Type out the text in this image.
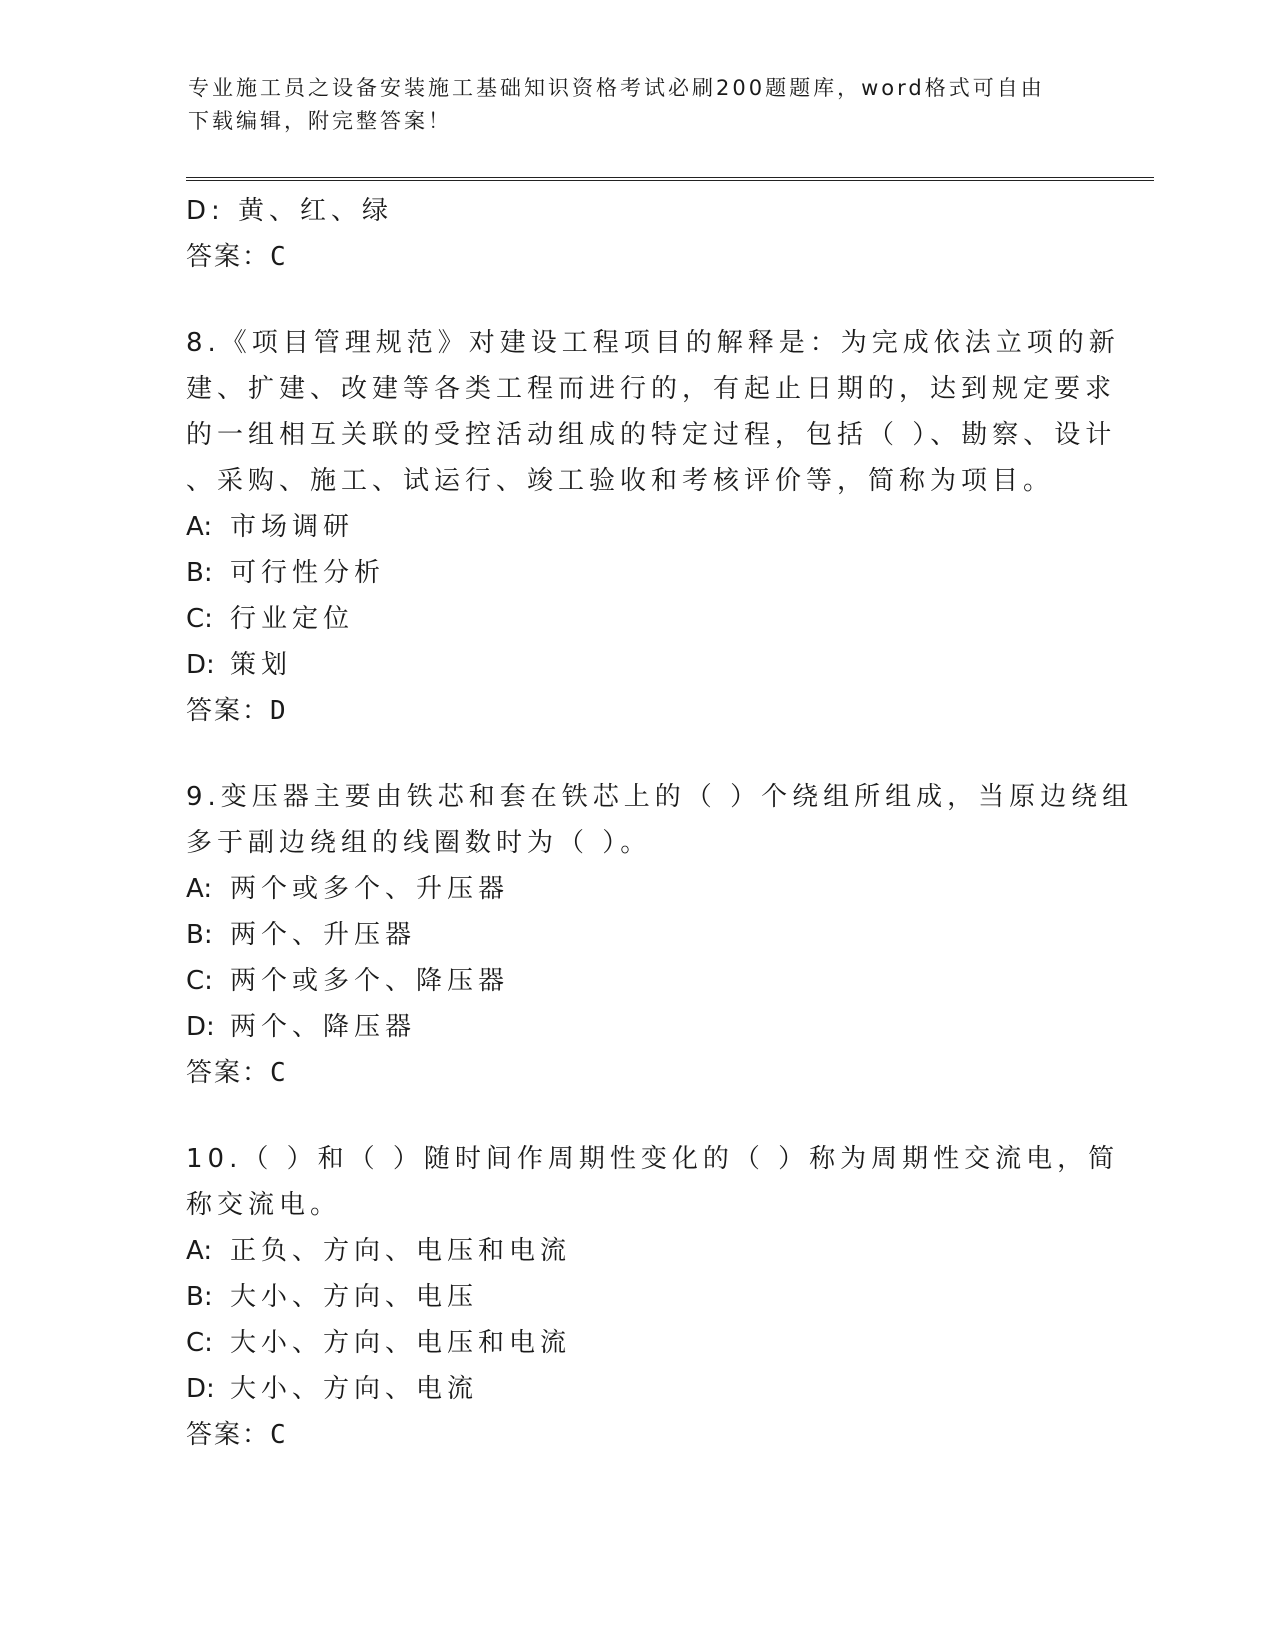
专业施工员之设备安装施工基础知识资格考试必刷200题题库，word格式可自由
下载编辑，附完整答案！
D: 黄、红、绿
答案：C
8.《项目管理规范》对建设工程项目的解释是：为完成依法立项的新
建、扩建、改建等各类工程而进行的，有起止日期的，达到规定要求
的一组相互关联的受控活动组成的特定过程，包括（ ）、勘察、设计
、采购、施工、试运行、竣工验收和考核评价等，简称为项目。
A: 市场调研
B: 可行性分析
C: 行业定位
D: 策划
答案：D
9.变压器主要由铁芯和套在铁芯上的（ ）个绕组所组成，当原边绕组
多于副边绕组的线圈数时为（ ）。
A: 两个或多个、升压器
B: 两个、升压器
C: 两个或多个、降压器
D: 两个、降压器
答案：C
10.（ ）和（ ）随时间作周期性变化的（ ）称为周期性交流电，简
称交流电。
A: 正负、方向、电压和电流
B: 大小、方向、电压
C: 大小、方向、电压和电流
D: 大小、方向、电流
答案：C
